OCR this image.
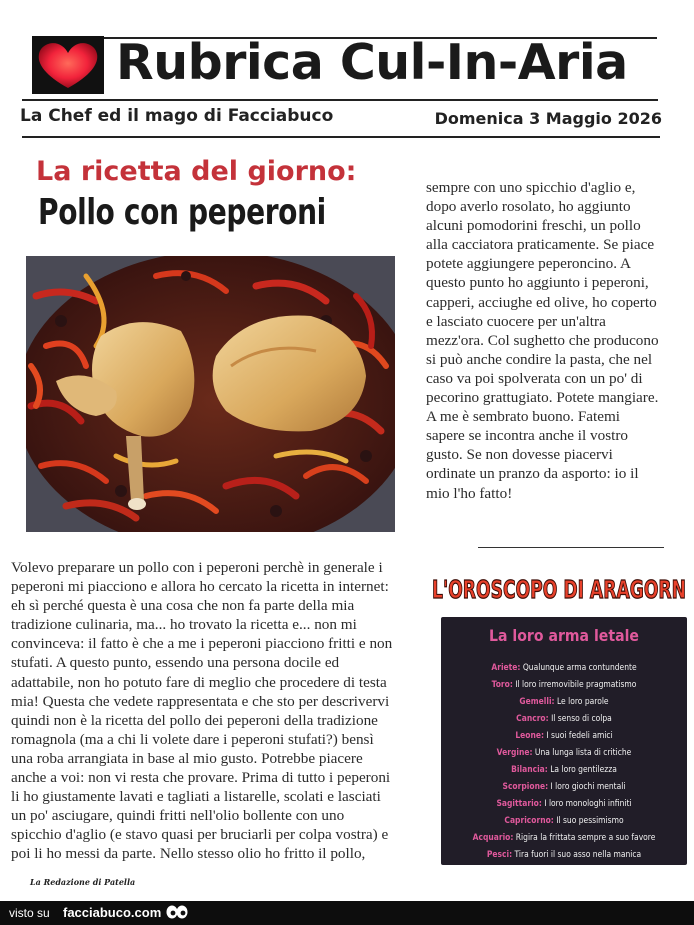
Rubrica Cul-In-Aria
La Chef ed il mago di Facciabuco	Domenica 3 Maggio 2026
La ricetta del giorno:
Pollo con peperoni

sempre con uno spicchio d'aglio e,

dopo averlo rosolato, ho aggiunto

alcuni pomodorini freschi, un pollo

alla cacciatora praticamente. Se piace

potete aggiungere peperoncino. A

questo punto ho aggiunto i peperoni,

capperi, acciughe ed olive, ho coperto

e lasciato cuocere per un'altra

mezz'ora. Col sughetto che producono

si può anche condire la pasta, che nel

caso va poi spolverata con un po' di

pecorino grattugiato. Potete mangiare.

A me è sembrato buono. Fatemi

sapere se incontra anche il vostro

gusto. Se non dovesse piacervi

ordinate un pranzo da asporto: io il

mio l'ho fatto!

Volevo preparare un pollo con i peperoni perchè in generale i

peperoni mi piacciono e allora ho cercato la ricetta in internet:

eh sì perché questa è una cosa che non fa parte della mia

tradizione culinaria, ma... ho trovato la ricetta e... non mi

convinceva: il fatto è che a me i peperoni piacciono fritti e non

stufati. A questo punto, essendo una persona docile ed

adattabile, non ho potuto fare di meglio che procedere di testa

mia! Questa che vedete rappresentata e che sto per descrivervi

quindi non è la ricetta del pollo dei peperoni della tradizione

romagnola (ma a chi li volete dare i peperoni stufati?) bensì

una roba arrangiata in base al mio gusto. Potrebbe piacere

anche a voi: non vi resta che provare. Prima di tutto i peperoni

li ho giustamente lavati e tagliati a listarelle, scolati e lasciati

un po' asciugare, quindi fritti nell'olio bollente con uno

spicchio d'aglio (e stavo quasi per bruciarli per colpa vostra) e

poi li ho messi da parte. Nello stesso olio ho fritto il pollo,

L'OROSCOPO DI ARAGORN
La loro arma letale
Ariete: Qualunque arma contundente
Toro: Il loro irremovibile pragmatismo
Gemelli: Le loro parole
Cancro: Il senso di colpa
Leone: I suoi fedeli amici
Vergine: Una lunga lista di critiche
Bilancia: La loro gentilezza
Scorpione: I loro giochi mentali
Sagittario: I loro monologhi infiniti
Capricorno: Il suo pessimismo
Acquario: Rigira la frittata sempre a suo favore
Pesci: Tira fuori il suo asso nella manica
La Redazione di Patella
visto su facciabuco.com
